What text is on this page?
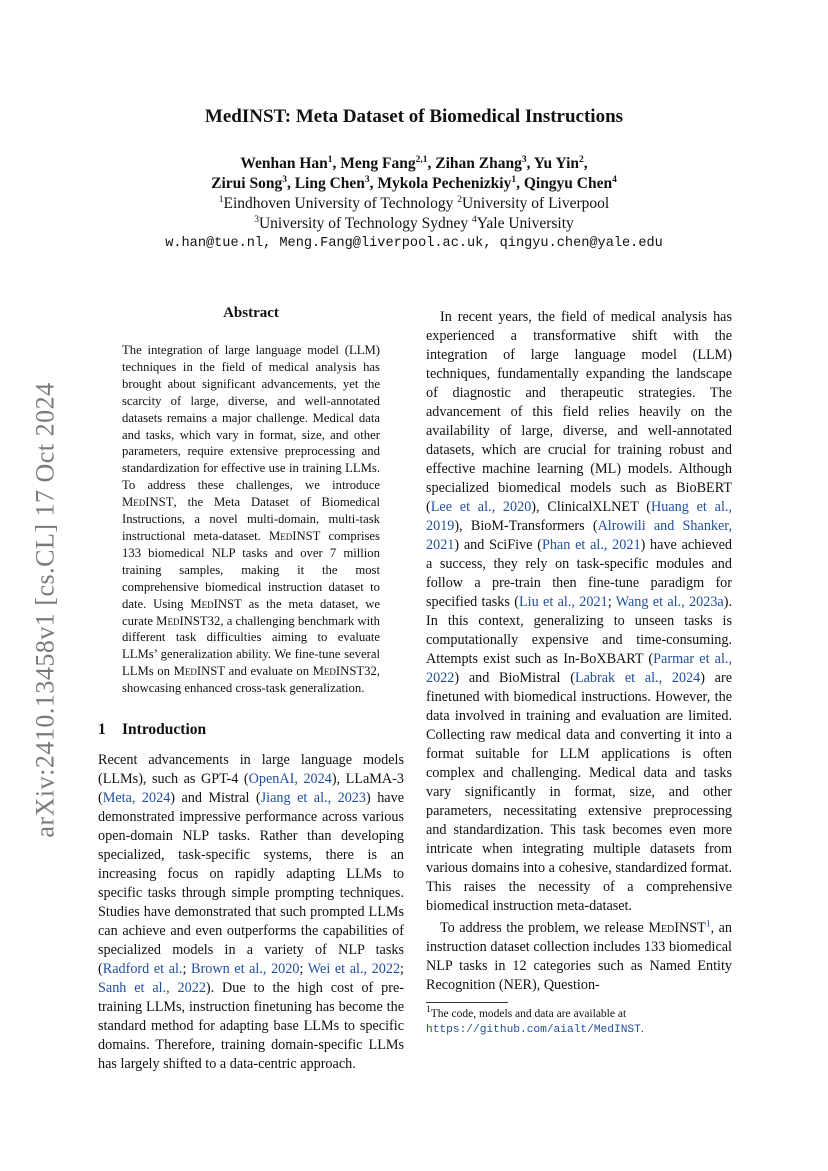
arXiv:2410.13458v1 [cs.CL] 17 Oct 2024
MedINST: Meta Dataset of Biomedical Instructions
Wenhan Han$^1$, Meng Fang$^{2,1}$, Zihan Zhang$^3$, Yu Yin$^2$,
Zirui Song$^3$, Ling Chen$^3$, Mykola Pechenizkiy$^1$, Qingyu Chen$^4$
$^1$Eindhoven University of Technology $^2$University of Liverpool
$^3$University of Technology Sydney $^4$Yale University
w.han@tue.nl, Meng.Fang@liverpool.ac.uk, qingyu.chen@yale.edu
Abstract
The integration of large language model (LLM) techniques in the field of medical analysis has brought about significant advancements, yet the scarcity of large, diverse, and well-annotated datasets remains a major challenge. Medical data and tasks, which vary in format, size, and other parameters, require extensive preprocessing and standardization for effective use in training LLMs. To address these challenges, we introduce MedINST, the Meta Dataset of Biomedical Instructions, a novel multi-domain, multi-task instructional meta-dataset. MedINST comprises 133 biomedical NLP tasks and over 7 million training samples, making it the most comprehensive biomedical instruction dataset to date. Using MedINST as the meta dataset, we curate MedINST32, a challenging benchmark with different task difficulties aiming to evaluate LLMs’ generalization ability. We fine-tune several LLMs on MedINST and evaluate on MedINST32, showcasing enhanced cross-task generalization.
1 Introduction

Recent advancements in large language models (LLMs), such as GPT-4 (OpenAI, 2024), LLaMA-3 (Meta, 2024) and Mistral (Jiang et al., 2023) have demonstrated impressive performance across various open-domain NLP tasks. Rather than developing specialized, task-specific systems, there is an increasing focus on rapidly adapting LLMs to specific tasks through simple prompting techniques. Studies have demonstrated that such prompted LLMs can achieve and even outperforms the capabilities of specialized models in a variety of NLP tasks (Radford et al.; Brown et al., 2020; Wei et al., 2022; Sanh et al., 2022). Due to the high cost of pre-training LLMs, instruction finetuning has become the standard method for adapting base LLMs to specific domains. Therefore, training domain-specific LLMs has largely shifted to a data-centric approach.

In recent years, the field of medical analysis has experienced a transformative shift with the integration of large language model (LLM) techniques, fundamentally expanding the landscape of diagnostic and therapeutic strategies. The advancement of this field relies heavily on the availability of large, diverse, and well-annotated datasets, which are crucial for training robust and effective machine learning (ML) models. Although specialized biomedical models such as BioBERT (Lee et al., 2020), ClinicalXLNET (Huang et al., 2019), BioM-Transformers (Alrowili and Shanker, 2021) and SciFive (Phan et al., 2021) have achieved a success, they rely on task-specific modules and follow a pre-train then fine-tune paradigm for specified tasks (Liu et al., 2021; Wang et al., 2023a). In this context, generalizing to unseen tasks is computationally expensive and time-consuming. Attempts exist such as In-BoXBART (Parmar et al., 2022) and BioMistral (Labrak et al., 2024) are finetuned with biomedical instructions. However, the data involved in training and evaluation are limited. Collecting raw medical data and converting it into a format suitable for LLM applications is often complex and challenging. Medical data and tasks vary significantly in format, size, and other parameters, necessitating extensive preprocessing and standardization. This task becomes even more intricate when integrating multiple datasets from various domains into a cohesive, standardized format. This raises the necessity of a comprehensive biomedical instruction meta-dataset.

To address the problem, we release MedINST$^1$, an instruction dataset collection includes 133 biomedical NLP tasks in 12 categories such as Named Entity Recognition (NER), Question-

$^1$The code, models and data are available at https://github.com/aialt/MedINST.
